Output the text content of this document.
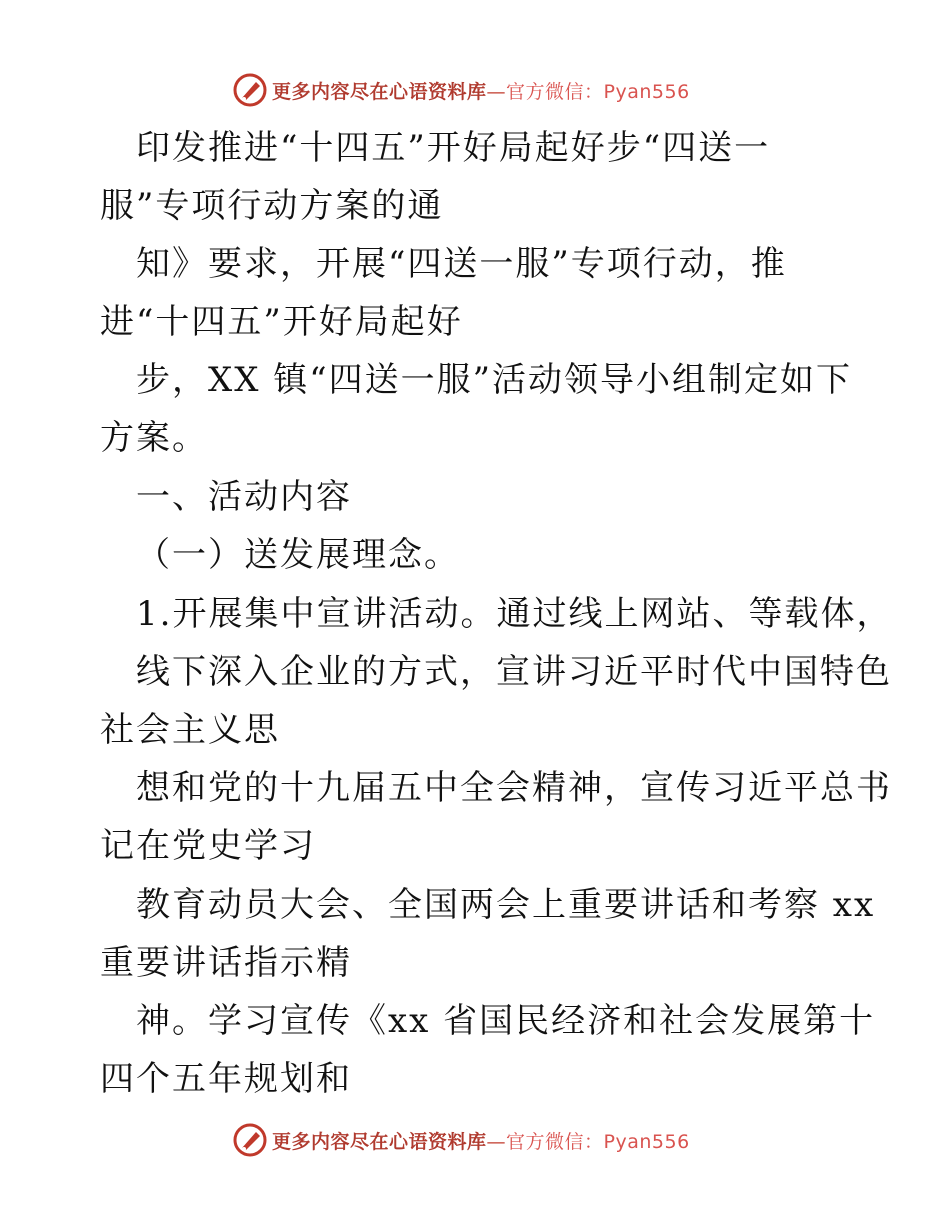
更多内容尽在心语资料库—官方微信：Pyan556
印发推进“十四五”开好局起好步“四送一
服”专项行动方案的通
知》要求，开展“四送一服”专项行动，推
进“十四五”开好局起好
步，XX 镇“四送一服”活动领导小组制定如下
方案。
一、活动内容
（一）送发展理念。
1.开展集中宣讲活动。通过线上网站、等载体，
线下深入企业的方式，宣讲习近平时代中国特色
社会主义思
想和党的十九届五中全会精神，宣传习近平总书
记在党史学习
教育动员大会、全国两会上重要讲话和考察 xx
重要讲话指示精
神。学习宣传《xx 省国民经济和社会发展第十
四个五年规划和
更多内容尽在心语资料库—官方微信：Pyan556
